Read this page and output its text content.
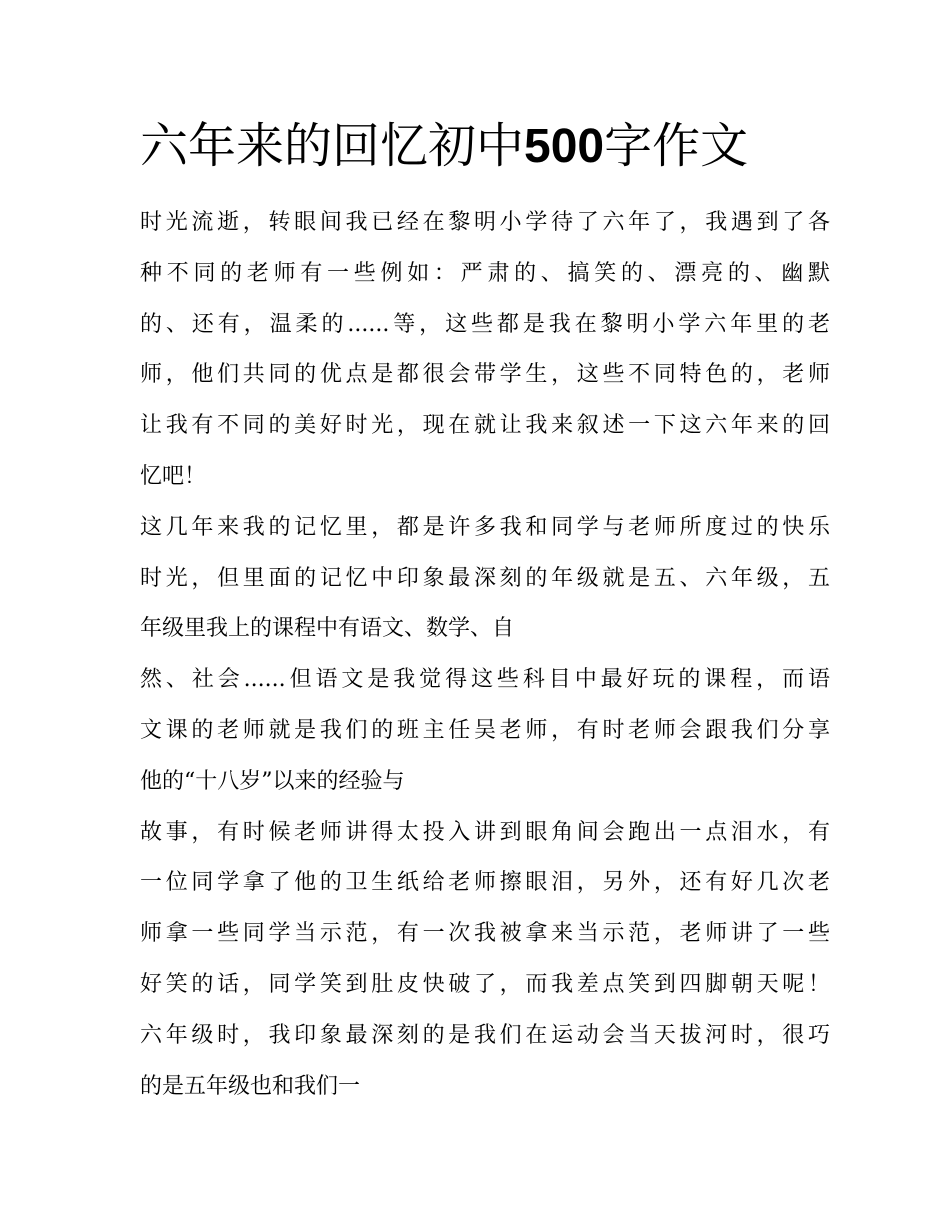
六年来的回忆初中500字作文
时光流逝，转眼间我已经在黎明小学待了六年了，我遇到了各
种不同的老师有一些例如：严肃的、搞笑的、漂亮的、幽默
的、还有，温柔的......等，这些都是我在黎明小学六年里的老
师，他们共同的优点是都很会带学生，这些不同特色的，老师
让我有不同的美好时光，现在就让我来叙述一下这六年来的回
忆吧！
这几年来我的记忆里，都是许多我和同学与老师所度过的快乐
时光，但里面的记忆中印象最深刻的年级就是五、六年级，五
年级里我上的课程中有语文、数学、自
然、社会......但语文是我觉得这些科目中最好玩的课程，而语
文课的老师就是我们的班主任吴老师，有时老师会跟我们分享
他的“十八岁”以来的经验与
故事，有时候老师讲得太投入讲到眼角间会跑出一点泪水，有
一位同学拿了他的卫生纸给老师擦眼泪，另外，还有好几次老
师拿一些同学当示范，有一次我被拿来当示范，老师讲了一些
好笑的话，同学笑到肚皮快破了，而我差点笑到四脚朝天呢！
六年级时，我印象最深刻的是我们在运动会当天拔河时，很巧
的是五年级也和我们一
